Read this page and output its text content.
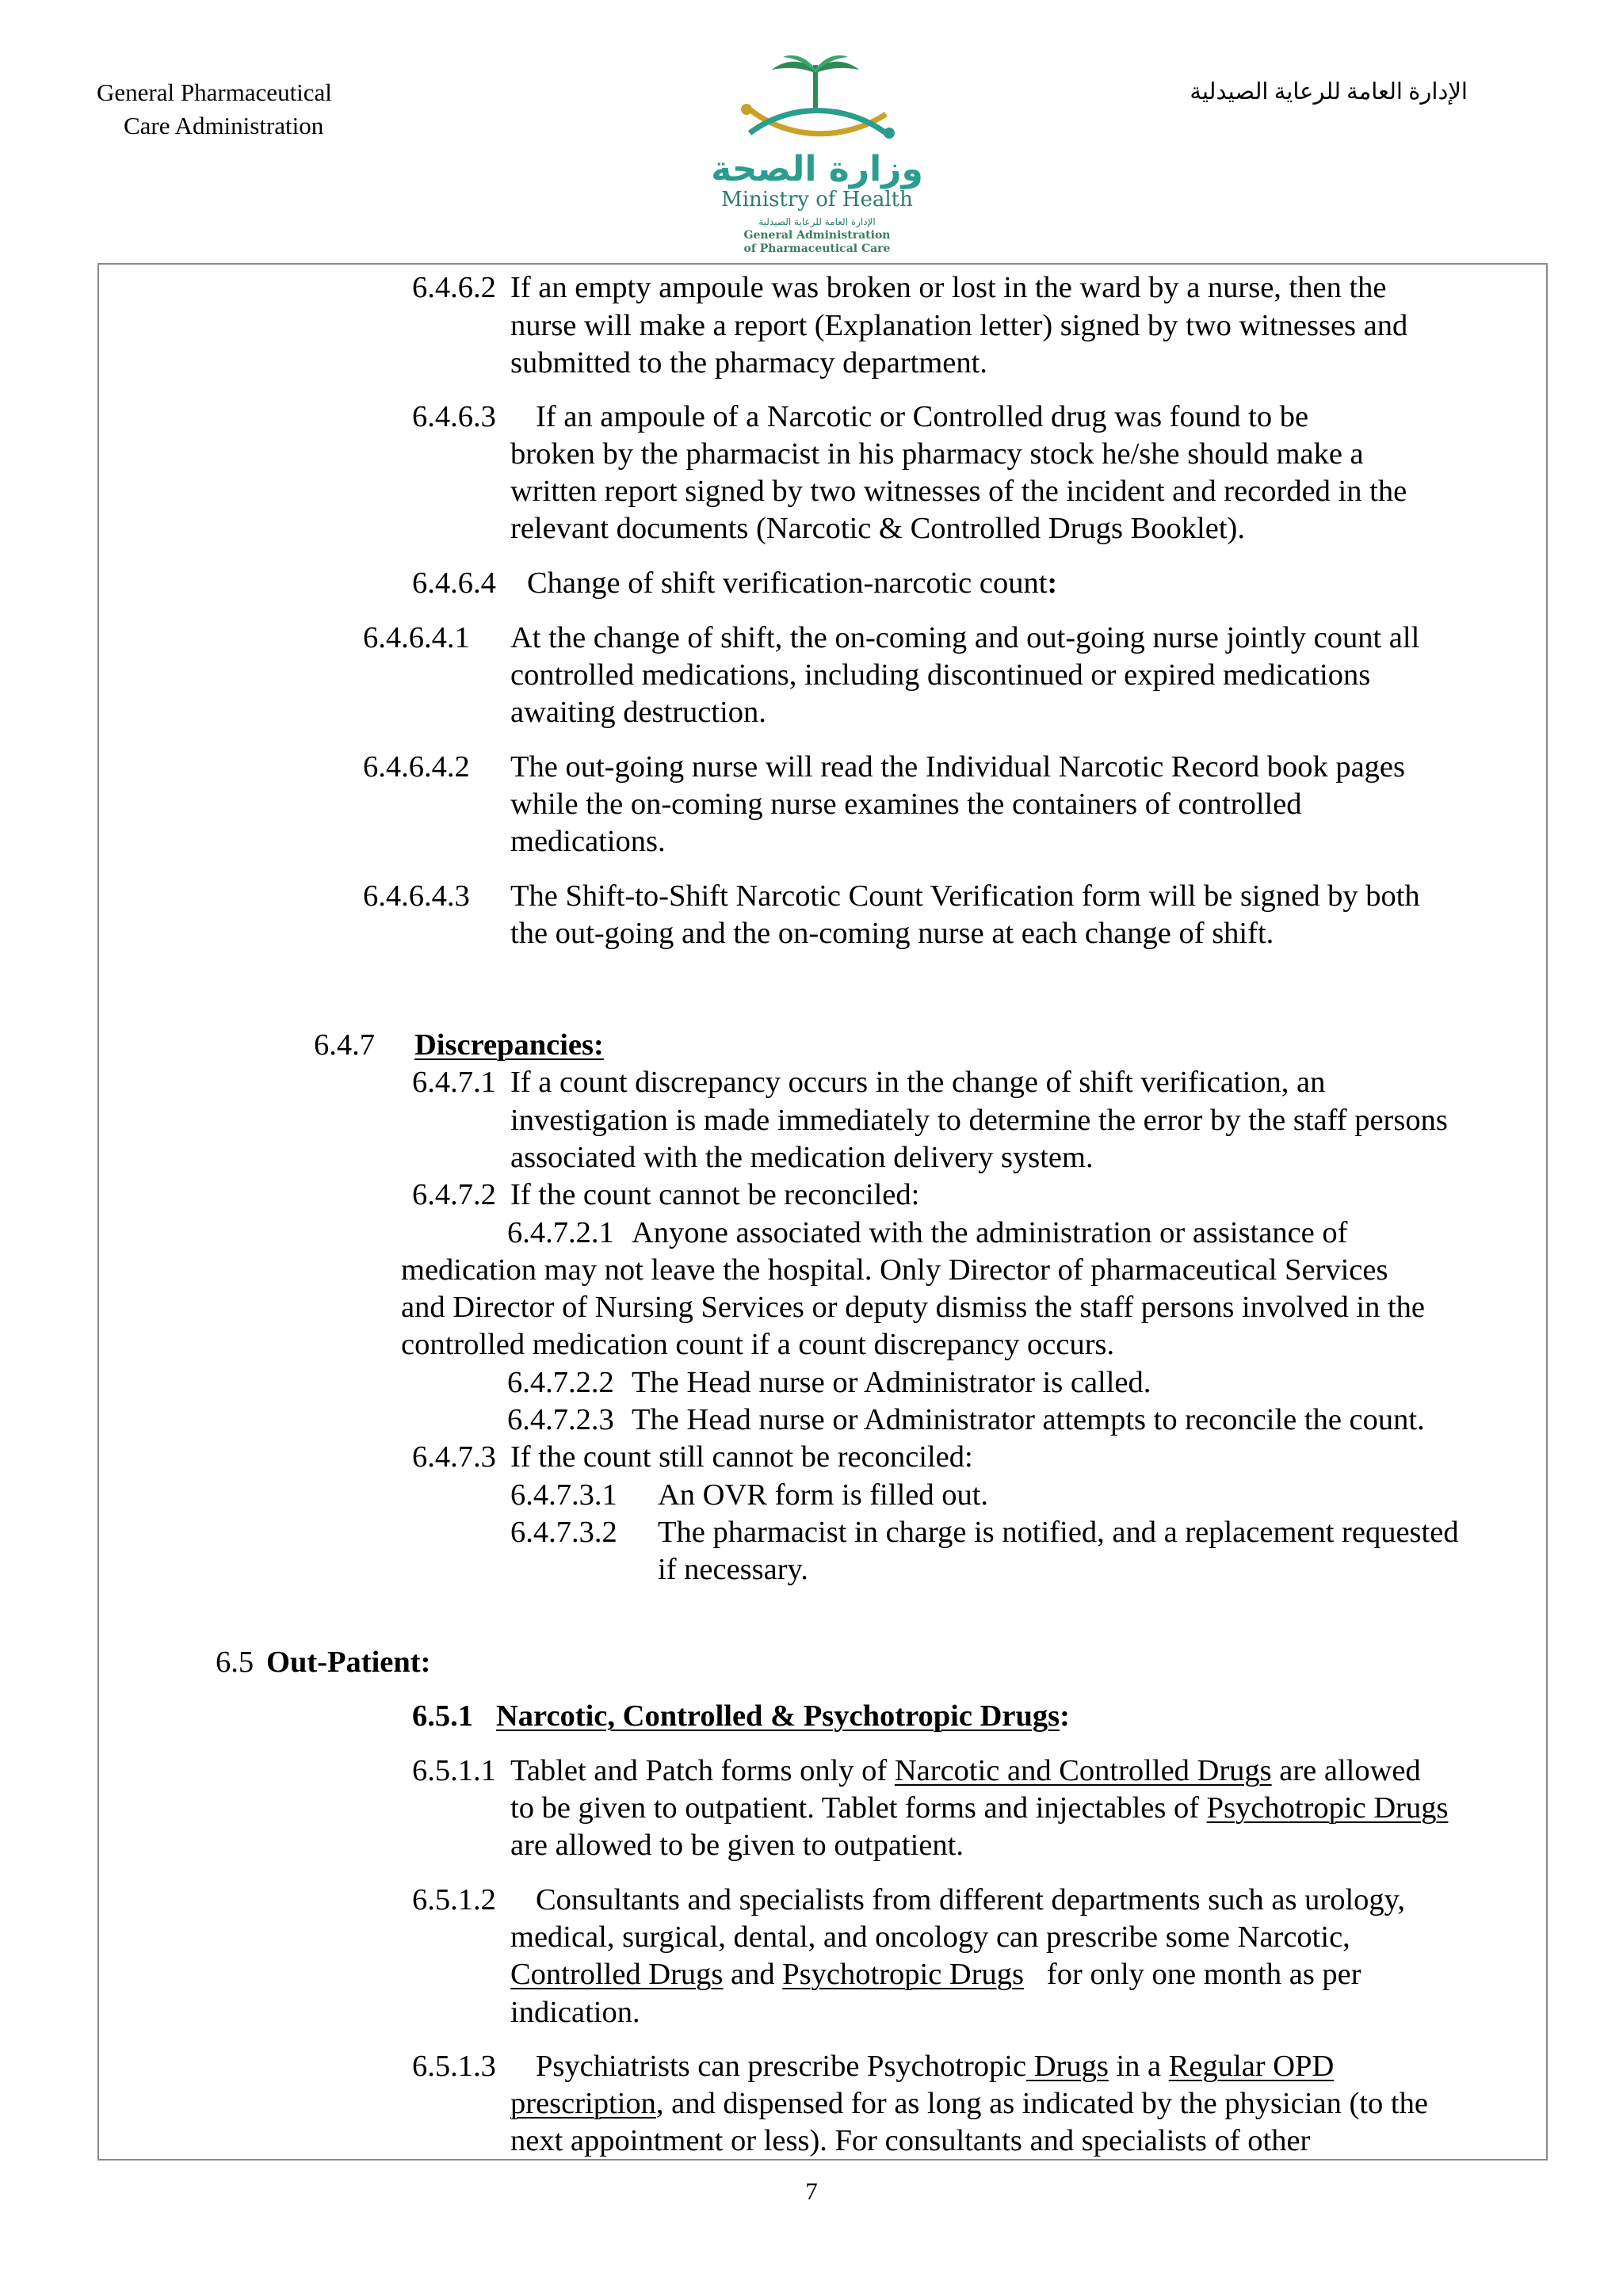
General Pharmaceutical
Care Administration
وزارة الصحة
Ministry of Health
الإدارة العامة للرعاية الصيدلية
General Administration
of Pharmaceutical Care
الإدارة العامة للرعاية الصيدلية
6.4.6.2 If an empty ampoule was broken or lost in the ward by a nurse, then the
nurse will make a report (Explanation letter) signed by two witnesses and
submitted to the pharmacy department.
6.4.6.3 If an ampoule of a Narcotic or Controlled drug was found to be
broken by the pharmacist in his pharmacy stock he/she should make a
written report signed by two witnesses of the incident and recorded in the
relevant documents (Narcotic & Controlled Drugs Booklet).
6.4.6.4 Change of shift verification-narcotic count:
6.4.6.4.1 At the change of shift, the on-coming and out-going nurse jointly count all
controlled medications, including discontinued or expired medications
awaiting destruction.
6.4.6.4.2 The out-going nurse will read the Individual Narcotic Record book pages
while the on-coming nurse examines the containers of controlled
medications.
6.4.6.4.3 The Shift-to-Shift Narcotic Count Verification form will be signed by both
the out-going and the on-coming nurse at each change of shift.
6.4.7 Discrepancies:
6.4.7.1 If a count discrepancy occurs in the change of shift verification, an
investigation is made immediately to determine the error by the staff persons
associated with the medication delivery system.
6.4.7.2 If the count cannot be reconciled:
6.4.7.2.1 Anyone associated with the administration or assistance of
medication may not leave the hospital. Only Director of pharmaceutical Services
and Director of Nursing Services or deputy dismiss the staff persons involved in the
controlled medication count if a count discrepancy occurs.
6.4.7.2.2 The Head nurse or Administrator is called.
6.4.7.2.3 The Head nurse or Administrator attempts to reconcile the count.
6.4.7.3 If the count still cannot be reconciled:
6.4.7.3.1 An OVR form is filled out.
6.4.7.3.2 The pharmacist in charge is notified, and a replacement requested
if necessary.
6.5 Out-Patient:
6.5.1 Narcotic, Controlled & Psychotropic Drugs:
6.5.1.1 Tablet and Patch forms only of Narcotic and Controlled Drugs are allowed
to be given to outpatient. Tablet forms and injectables of Psychotropic Drugs
are allowed to be given to outpatient.
6.5.1.2 Consultants and specialists from different departments such as urology,
medical, surgical, dental, and oncology can prescribe some Narcotic,
Controlled Drugs and Psychotropic Drugs   for only one month as per
indication.
6.5.1.3 Psychiatrists can prescribe Psychotropic Drugs in a Regular OPD
prescription, and dispensed for as long as indicated by the physician (to the
next appointment or less). For consultants and specialists of other
7
